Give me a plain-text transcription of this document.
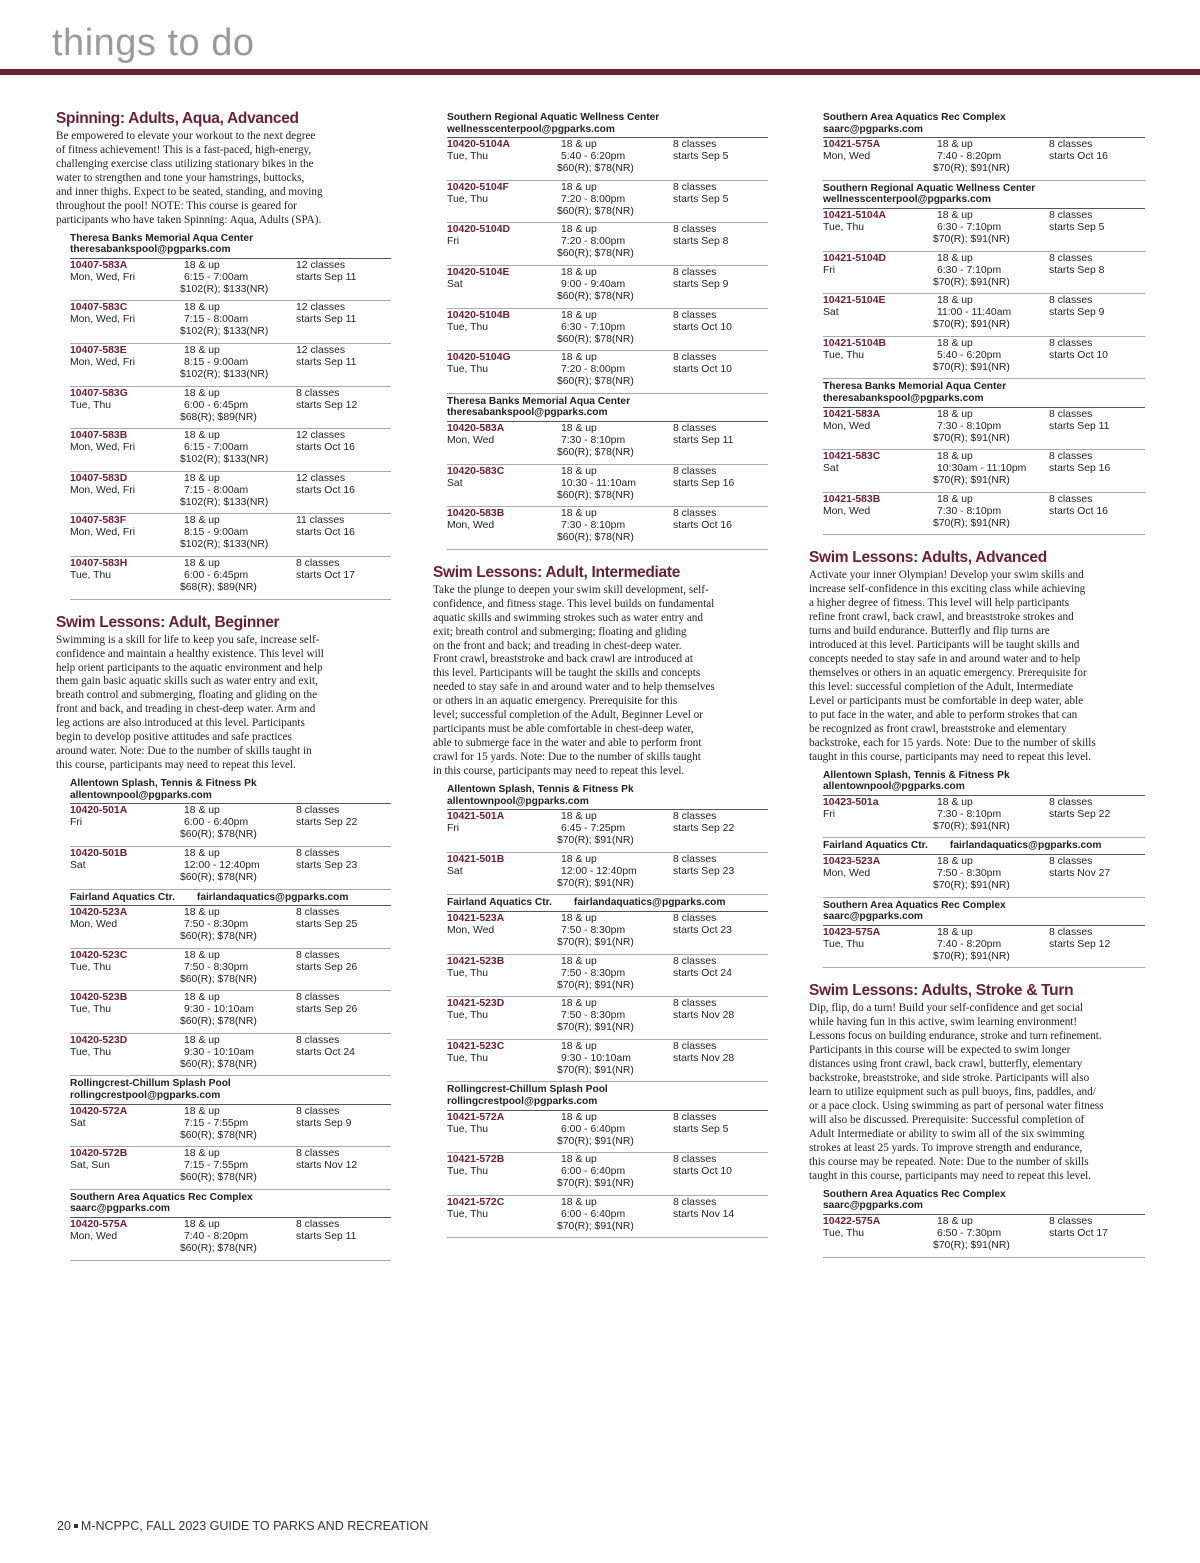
things to do
Spinning: Adults, Aqua, Advanced
Be empowered to elevate your workout to the next degree
of fitness achievement! This is a fast-paced, high-energy,
challenging exercise class utilizing stationary bikes in the
water to strengthen and tone your hamstrings, buttocks,
and inner thighs. Expect to be seated, standing, and moving
throughout the pool! NOTE: This course is geared for
participants who have taken Spinning: Aqua, Adults (SPA).
Theresa Banks Memorial Aqua Center
theresabankspool@pgparks.com
10407-583A
Mon, Wed, Fri
18 & up
6:15 - 7:00am
$102(R); $133(NR)
12 classes
starts Sep 11
10407-583C
Mon, Wed, Fri
18 & up
7:15 - 8:00am
$102(R); $133(NR)
12 classes
starts Sep 11
10407-583E
Mon, Wed, Fri
18 & up
8:15 - 9:00am
$102(R); $133(NR)
12 classes
starts Sep 11
10407-583G
Tue, Thu
18 & up
6:00 - 6:45pm
$68(R); $89(NR)
8 classes
starts Sep 12
10407-583B
Mon, Wed, Fri
18 & up
6:15 - 7:00am
$102(R); $133(NR)
12 classes
starts Oct 16
10407-583D
Mon, Wed, Fri
18 & up
7:15 - 8:00am
$102(R); $133(NR)
12 classes
starts Oct 16
10407-583F
Mon, Wed, Fri
18 & up
8:15 - 9:00am
$102(R); $133(NR)
11 classes
starts Oct 16
10407-583H
Tue, Thu
18 & up
6:00 - 6:45pm
$68(R); $89(NR)
8 classes
starts Oct 17
Swim Lessons: Adult, Beginner
Swimming is a skill for life to keep you safe, increase self-
confidence and maintain a healthy existence. This level will
help orient participants to the aquatic environment and help
them gain basic aquatic skills such as water entry and exit,
breath control and submerging, floating and gliding on the
front and back, and treading in chest-deep water. Arm and
leg actions are also introduced at this level. Participants
begin to develop positive attitudes and safe practices
around water. Note: Due to the number of skills taught in
this course, participants may need to repeat this level.
Allentown Splash, Tennis & Fitness Pk
allentownpool@pgparks.com
10420-501A
Fri
18 & up
6:00 - 6:40pm
$60(R); $78(NR)
8 classes
starts Sep 22
10420-501B
Sat
18 & up
12:00 - 12:40pm
$60(R); $78(NR)
8 classes
starts Sep 23
Fairland Aquatics Ctr. fairlandaquatics@pgparks.com
10420-523A
Mon, Wed
18 & up
7:50 - 8:30pm
$60(R); $78(NR)
8 classes
starts Sep 25
10420-523C
Tue, Thu
18 & up
7:50 - 8:30pm
$60(R); $78(NR)
8 classes
starts Sep 26
10420-523B
Tue, Thu
18 & up
9:30 - 10:10am
$60(R); $78(NR)
8 classes
starts Sep 26
10420-523D
Tue, Thu
18 & up
9:30 - 10:10am
$60(R); $78(NR)
8 classes
starts Oct 24
Rollingcrest-Chillum Splash Pool
rollingcrestpool@pgparks.com
10420-572A
Sat
18 & up
7:15 - 7:55pm
$60(R); $78(NR)
8 classes
starts Sep 9
10420-572B
Sat, Sun
18 & up
7:15 - 7:55pm
$60(R); $78(NR)
8 classes
starts Nov 12
Southern Area Aquatics Rec Complex
saarc@pgparks.com
10420-575A
Mon, Wed
18 & up
7:40 - 8:20pm
$60(R); $78(NR)
8 classes
starts Sep 11
Southern Regional Aquatic Wellness Center
wellnesscenterpool@pgparks.com
10420-5104A
Tue, Thu
18 & up
5:40 - 6:20pm
$60(R); $78(NR)
8 classes
starts Sep 5
10420-5104F
Tue, Thu
18 & up
7:20 - 8:00pm
$60(R); $78(NR)
8 classes
starts Sep 5
10420-5104D
Fri
18 & up
7:20 - 8:00pm
$60(R); $78(NR)
8 classes
starts Sep 8
10420-5104E
Sat
18 & up
9:00 - 9:40am
$60(R); $78(NR)
8 classes
starts Sep 9
10420-5104B
Tue, Thu
18 & up
6:30 - 7:10pm
$60(R); $78(NR)
8 classes
starts Oct 10
10420-5104G
Tue, Thu
18 & up
7:20 - 8:00pm
$60(R); $78(NR)
8 classes
starts Oct 10
Theresa Banks Memorial Aqua Center
theresabankspool@pgparks.com
10420-583A
Mon, Wed
18 & up
7:30 - 8:10pm
$60(R); $78(NR)
8 classes
starts Sep 11
10420-583C
Sat
18 & up
10:30 - 11:10am
$60(R); $78(NR)
8 classes
starts Sep 16
10420-583B
Mon, Wed
18 & up
7:30 - 8:10pm
$60(R); $78(NR)
8 classes
starts Oct 16
Swim Lessons: Adult, Intermediate
Take the plunge to deepen your swim skill development, self-
confidence, and fitness stage. This level builds on fundamental
aquatic skills and swimming strokes such as water entry and
exit; breath control and submerging; floating and gliding
on the front and back; and treading in chest-deep water.
Front crawl, breaststroke and back crawl are introduced at
this level. Participants will be taught the skills and concepts
needed to stay safe in and around water and to help themselves
or others in an aquatic emergency. Prerequisite for this
level; successful completion of the Adult, Beginner Level or
participants must be able comfortable in chest-deep water,
able to submerge face in the water and able to perform front
crawl for 15 yards. Note: Due to the number of skills taught
in this course, participants may need to repeat this level.
Allentown Splash, Tennis & Fitness Pk
allentownpool@pgparks.com
10421-501A
Fri
18 & up
6:45 - 7:25pm
$70(R); $91(NR)
8 classes
starts Sep 22
10421-501B
Sat
18 & up
12:00 - 12:40pm
$70(R); $91(NR)
8 classes
starts Sep 23
Fairland Aquatics Ctr. fairlandaquatics@pgparks.com
10421-523A
Mon, Wed
18 & up
7:50 - 8:30pm
$70(R); $91(NR)
8 classes
starts Oct 23
10421-523B
Tue, Thu
18 & up
7:50 - 8:30pm
$70(R); $91(NR)
8 classes
starts Oct 24
10421-523D
Tue, Thu
18 & up
7:50 - 8:30pm
$70(R); $91(NR)
8 classes
starts Nov 28
10421-523C
Tue, Thu
18 & up
9:30 - 10:10am
$70(R); $91(NR)
8 classes
starts Nov 28
Rollingcrest-Chillum Splash Pool
rollingcrestpool@pgparks.com
10421-572A
Tue, Thu
18 & up
6:00 - 6:40pm
$70(R); $91(NR)
8 classes
starts Sep 5
10421-572B
Tue, Thu
18 & up
6:00 - 6:40pm
$70(R); $91(NR)
8 classes
starts Oct 10
10421-572C
Tue, Thu
18 & up
6:00 - 6:40pm
$70(R); $91(NR)
8 classes
starts Nov 14
Southern Area Aquatics Rec Complex
saarc@pgparks.com
10421-575A
Mon, Wed
18 & up
7:40 - 8:20pm
$70(R); $91(NR)
8 classes
starts Oct 16
Southern Regional Aquatic Wellness Center
wellnesscenterpool@pgparks.com
10421-5104A
Tue, Thu
18 & up
6:30 - 7:10pm
$70(R); $91(NR)
8 classes
starts Sep 5
10421-5104D
Fri
18 & up
6:30 - 7:10pm
$70(R); $91(NR)
8 classes
starts Sep 8
10421-5104E
Sat
18 & up
11:00 - 11:40am
$70(R); $91(NR)
8 classes
starts Sep 9
10421-5104B
Tue, Thu
18 & up
5:40 - 6:20pm
$70(R); $91(NR)
8 classes
starts Oct 10
Theresa Banks Memorial Aqua Center
theresabankspool@pgparks.com
10421-583A
Mon, Wed
18 & up
7:30 - 8:10pm
$70(R); $91(NR)
8 classes
starts Sep 11
10421-583C
Sat
18 & up
10:30am - 11:10pm
$70(R); $91(NR)
8 classes
starts Sep 16
10421-583B
Mon, Wed
18 & up
7:30 - 8:10pm
$70(R); $91(NR)
8 classes
starts Oct 16
Swim Lessons: Adults, Advanced
Activate your inner Olympian! Develop your swim skills and
increase self-confidence in this exciting class while achieving
a higher degree of fitness. This level will help participants
refine front crawl, back crawl, and breaststroke strokes and
turns and build endurance. Butterfly and flip turns are
introduced at this level. Participants will be taught skills and
concepts needed to stay safe in and around water and to help
themselves or others in an aquatic emergency. Prerequisite for
this level: successful completion of the Adult, Intermediate
Level or participants must be comfortable in deep water, able
to put face in the water, and able to perform strokes that can
be recognized as front crawl, breaststroke and elementary
backstroke, each for 15 yards. Note: Due to the number of skills
taught in this course, participants may need to repeat this level.
Allentown Splash, Tennis & Fitness Pk
allentownpool@pgparks.com
10423-501a
Fri
18 & up
7:30 - 8:10pm
$70(R); $91(NR)
8 classes
starts Sep 22
Fairland Aquatics Ctr. fairlandaquatics@pgparks.com
10423-523A
Mon, Wed
18 & up
7:50 - 8:30pm
$70(R); $91(NR)
8 classes
starts Nov 27
Southern Area Aquatics Rec Complex
saarc@pgparks.com
10423-575A
Tue, Thu
18 & up
7:40 - 8:20pm
$70(R); $91(NR)
8 classes
starts Sep 12
Swim Lessons: Adults, Stroke & Turn
Dip, flip, do a turn! Build your self-confidence and get social
while having fun in this active, swim learning environment!
Lessons focus on building endurance, stroke and turn refinement.
Participants in this course will be expected to swim longer
distances using front crawl, back crawl, butterfly, elementary
backstroke, breaststroke, and side stroke. Participants will also
learn to utilize equipment such as pull buoys, fins, paddles, and/
or a pace clock. Using swimming as part of personal water fitness
will also be discussed. Prerequisite: Successful completion of
Adult Intermediate or ability to swim all of the six swimming
strokes at least 25 yards. To improve strength and endurance,
this course may be repeated. Note: Due to the number of skills
taught in this course, participants may need to repeat this level.
Southern Area Aquatics Rec Complex
saarc@pgparks.com
10422-575A
Tue, Thu
18 & up
6:50 - 7:30pm
$70(R); $91(NR)
8 classes
starts Oct 17
20 M-NCPPC, FALL 2023 GUIDE TO PARKS AND RECREATION
